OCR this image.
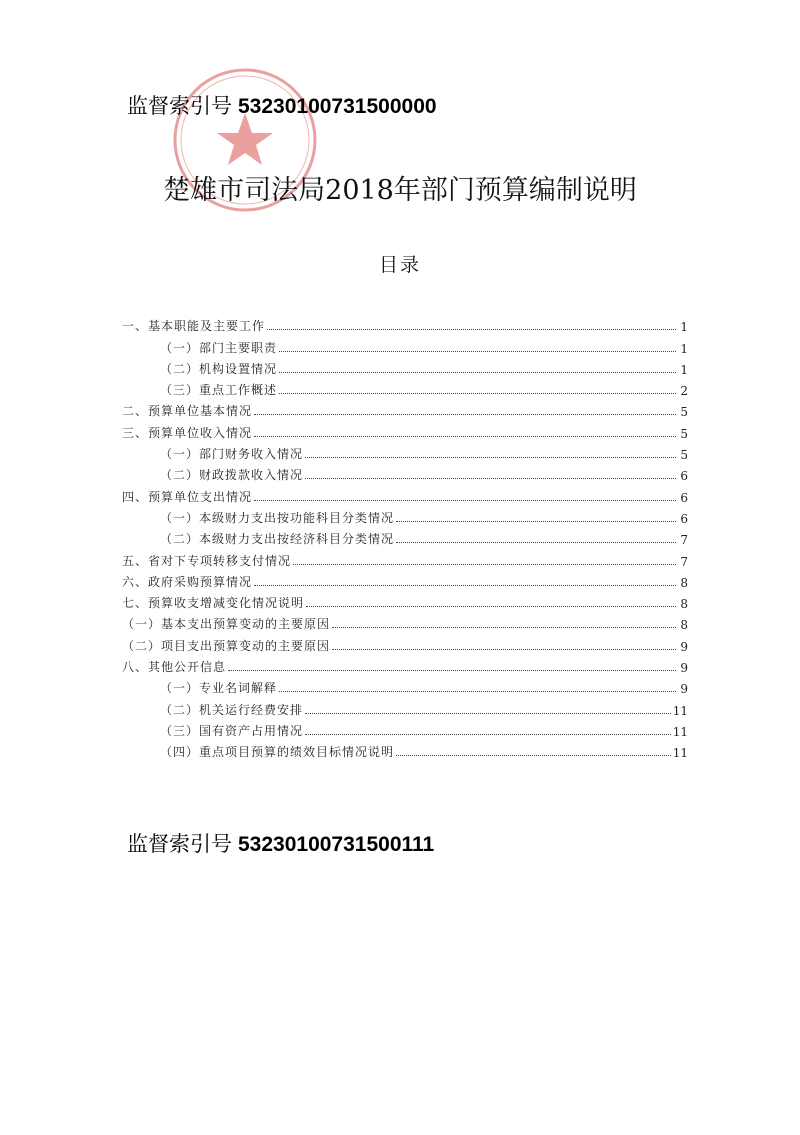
监督索引号 53230100731500000
楚雄市司法局2018年部门预算编制说明
目录
一、基本职能及主要工作	1
（一）部门主要职责	1
（二）机构设置情况	1
（三）重点工作概述	2
二、预算单位基本情况	5
三、预算单位收入情况	5
（一）部门财务收入情况	5
（二）财政拨款收入情况	6
四、预算单位支出情况	6
（一）本级财力支出按功能科目分类情况	6
（二）本级财力支出按经济科目分类情况	7
五、省对下专项转移支付情况	7
六、政府采购预算情况	8
七、预算收支增减变化情况说明	8
（一）基本支出预算变动的主要原因	8
（二）项目支出预算变动的主要原因	9
八、其他公开信息	9
（一）专业名词解释	9
（二）机关运行经费安排	11
（三）国有资产占用情况	11
（四）重点项目预算的绩效目标情况说明	11
监督索引号 53230100731500111
